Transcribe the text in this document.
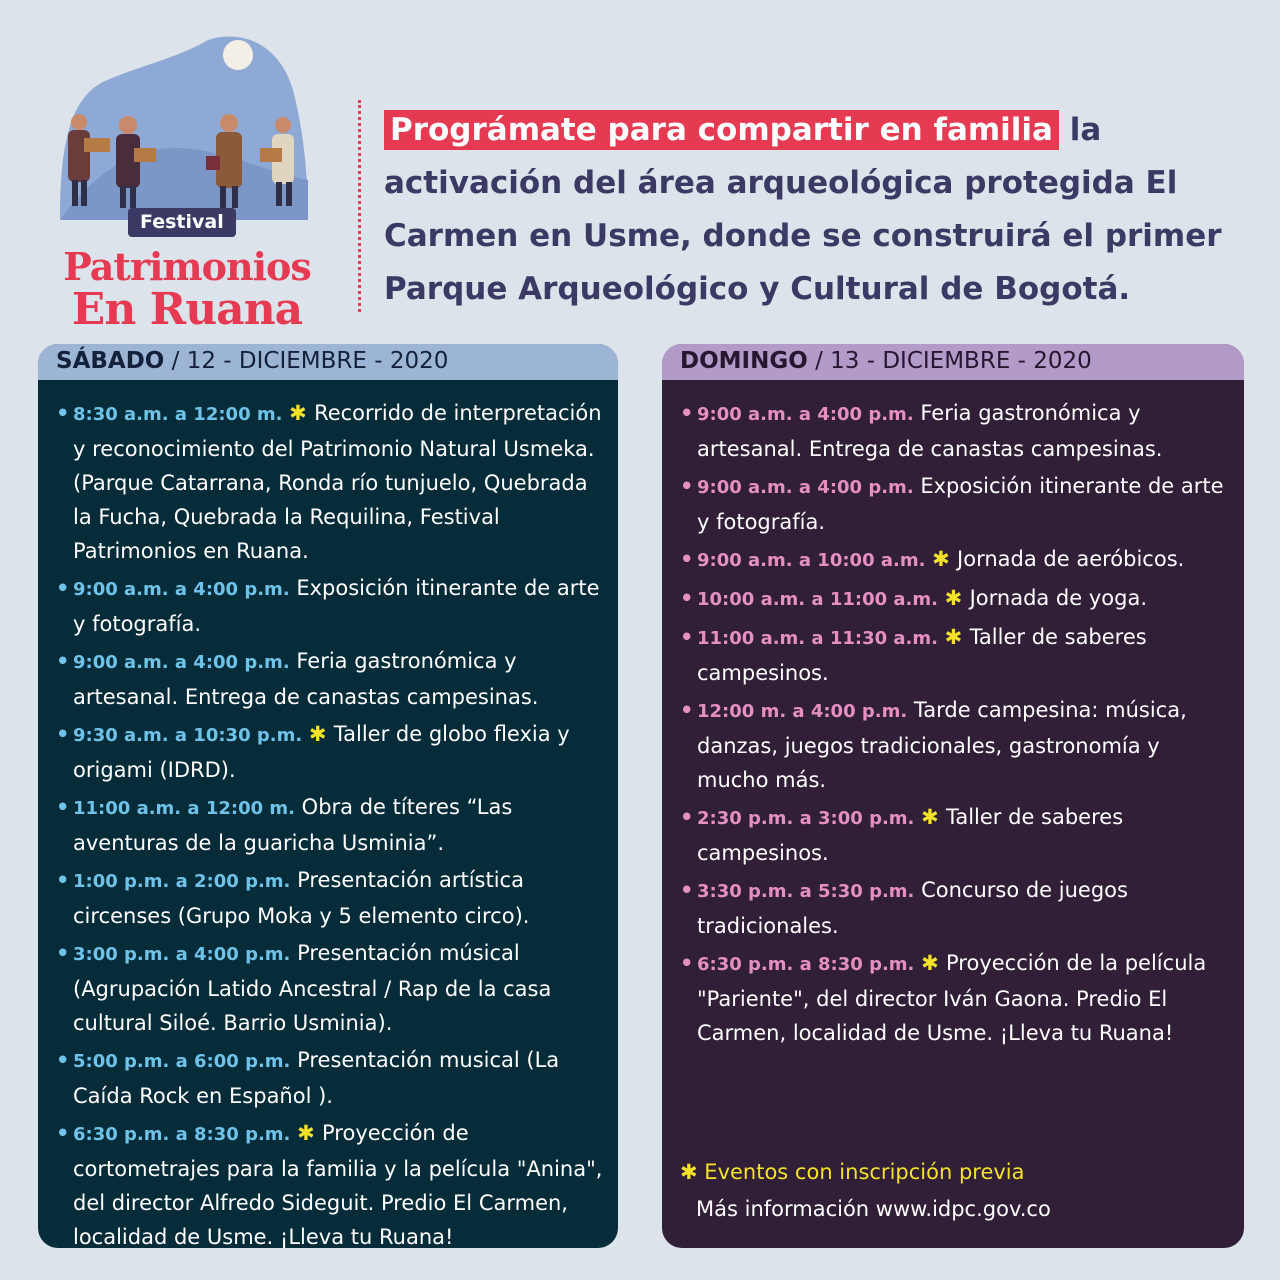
Festival
Patrimonios
En Ruana
Prográmate para compartir en familia la activación del área arqueológica protegida El Carmen en Usme, donde se construirá el primer Parque Arqueológico y Cultural de Bogotá.
SÁBADO / 12 - DICIEMBRE - 2020
• 8:30 a.m. a 12:00 m. ✱ Recorrido de interpretación y reconocimiento del Patrimonio Natural Usmeka. (Parque Catarrana, Ronda río tunjuelo, Quebrada la Fucha, Quebrada la Requilina, Festival Patrimonios en Ruana.
• 9:00 a.m. a 4:00 p.m. Exposición itinerante de arte y fotografía.
• 9:00 a.m. a 4:00 p.m. Feria gastronómica y artesanal. Entrega de canastas campesinas.
• 9:30 a.m. a 10:30 p.m. ✱ Taller de globo flexia y origami (IDRD).
• 11:00 a.m. a 12:00 m. Obra de títeres “Las aventuras de la guaricha Usminia”.
• 1:00 p.m. a 2:00 p.m. Presentación artística circenses (Grupo Moka y 5 elemento circo).
• 3:00 p.m. a 4:00 p.m. Presentación músical (Agrupación Latido Ancestral / Rap de la casa cultural Siloé. Barrio Usminia).
• 5:00 p.m. a 6:00 p.m. Presentación musical (La Caída Rock en Español ).
• 6:30 p.m. a 8:30 p.m. ✱ Proyección de cortometrajes para la familia y la película "Anina", del director Alfredo Sideguit. Predio El Carmen, localidad de Usme. ¡Lleva tu Ruana!
DOMINGO / 13 - DICIEMBRE - 2020
• 9:00 a.m. a 4:00 p.m. Feria gastronómica y artesanal. Entrega de canastas campesinas.
• 9:00 a.m. a 4:00 p.m. Exposición itinerante de arte y fotografía.
• 9:00 a.m. a 10:00 a.m. ✱ Jornada de aeróbicos.
• 10:00 a.m. a 11:00 a.m. ✱ Jornada de yoga.
• 11:00 a.m. a 11:30 a.m. ✱ Taller de saberes campesinos.
• 12:00 m. a 4:00 p.m. Tarde campesina: música, danzas, juegos tradicionales, gastronomía y mucho más.
• 2:30 p.m. a 3:00 p.m. ✱ Taller de saberes campesinos.
• 3:30 p.m. a 5:30 p.m. Concurso de juegos tradicionales.
• 6:30 p.m. a 8:30 p.m. ✱ Proyección de la película "Pariente", del director Iván Gaona. Predio El Carmen, localidad de Usme. ¡Lleva tu Ruana!
✱ Eventos con inscripción previa
Más información www.idpc.gov.co
